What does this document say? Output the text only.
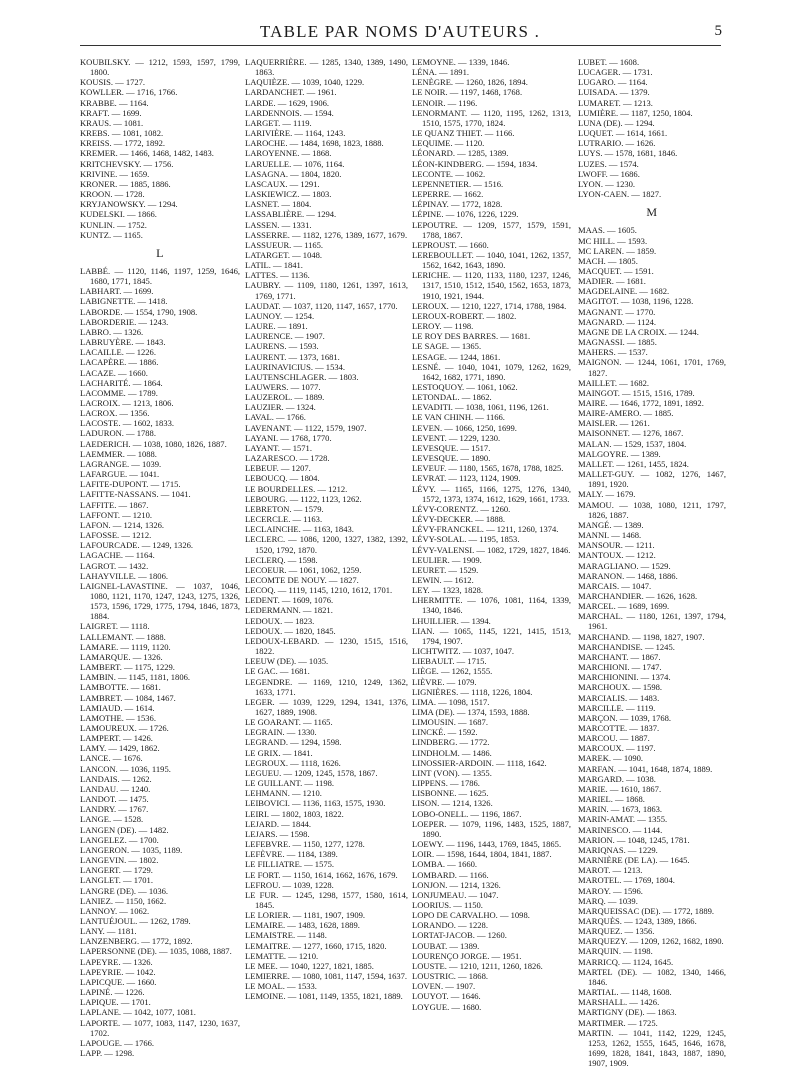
TABLE PAR NOMS D'AUTEURS .	5

KOUBILSKY. — 1212, 1593, 1597, 1799, 1800.

KOUSIS. — 1727.

KOWLLER. — 1716, 1766.

KRABBE. — 1164.

KRAFT. — 1699.

KRAUS. — 1081.

KREBS. — 1081, 1082.

KREISS. — 1772, 1892.

KREMER. — 1466, 1468, 1482, 1483.

KRITCHEVSKY. — 1756.

KRIVINE. — 1659.

KRONER. — 1885, 1886.

KROON. — 1728.

KRYJANOWSKY. — 1294.

KUDELSKI. — 1866.

KUNLIN. — 1752.

KUNTZ. — 1165.

L

LABBÉ. — 1120, 1146, 1197, 1259, 1646, 1680, 1771, 1845.

LABHART. — 1699.

LABIGNETTE. — 1418.

LABORDE. — 1554, 1790, 1908.

LABORDERIE. — 1243.

LABRO. — 1326.

LABRUYÈRE. — 1843.

LACAILLE. — 1226.

LACAPÈRE. — 1886.

LACAZE. — 1660.

LACHARITÉ. — 1864.

LACOMME. — 1789.

LACROIX. — 1213, 1806.

LACROX. — 1356.

LACOSTE. — 1602, 1833.

LADURON. — 1788.

LAEDERICH. — 1038, 1080, 1826, 1887.

LAEMMER. — 1088.

LAGRANGE. — 1039.

LAFARGUE. — 1041.

LAFITE-DUPONT. — 1715.

LAFITTE-NASSANS. — 1041.

LAFFITE. — 1867.

LAFFONT. — 1210.

LAFON. — 1214, 1326.

LAFOSSE. — 1212.

LAFOURCADE. — 1249, 1326.

LAGACHE. — 1164.

LAGROT. — 1432.

LAHAYVILLE. — 1806.

LAIGNEL-LAVASTINE. — 1037, 1046, 1080, 1121, 1170, 1247, 1243, 1275, 1326, 1573, 1596, 1729, 1775, 1794, 1846, 1873, 1884.

LAIGRET. — 1118.

LALLEMANT. — 1888.

LAMARE. — 1119, 1120.

LAMARQUE. — 1326.

LAMBERT. — 1175, 1229.

LAMBIN. — 1145, 1181, 1806.

LAMBOTTE. — 1681.

LAMBRET. — 1084, 1467.

LAMIAUD. — 1614.

LAMOTHE. — 1536.

LAMOUREUX. — 1726.

LAMPERT. — 1426.

LAMY. — 1429, 1862.

LANCE. — 1676.

LANCON. — 1036, 1195.

LANDAIS. — 1262.

LANDAU. — 1240.

LANDOT. — 1475.

LANDRY. — 1767.

LANGE. — 1528.

LANGEN (DE). — 1482.

LANGELEZ. — 1700.

LANGERON. — 1035, 1189.

LANGEVIN. — 1802.

LANGERT. — 1729.

LANGLET. — 1701.

LANGRE (DE). — 1036.

LANIEZ. — 1150, 1662.

LANNOY. — 1062.

LANTUÉJOUL. — 1262, 1789.

LANY. — 1181.

LANZENBERG. — 1772, 1892.

LAPERSONNE (DE). — 1035, 1088, 1887.

LAPEYRE. — 1326.

LAPEYRIE. — 1042.

LAPICQUE. — 1660.

LAPINÉ. — 1226.

LAPIQUE. — 1701.

LAPLANE. — 1042, 1077, 1081.

LAPORTE. — 1077, 1083, 1147, 1230, 1637, 1702.

LAPOUGE. — 1766.

LAPP. — 1298.

LAQUERRIÈRE. — 1285, 1340, 1389, 1490, 1863.

LAQUIÈZE. — 1039, 1040, 1229.

LARDANCHET. — 1961.

LARDE. — 1629, 1906.

LARDENNOIS. — 1594.

LARGET. — 1119.

LARIVIÈRE. — 1164, 1243.

LAROCHE. — 1484, 1698, 1823, 1888.

LAROYENNE. — 1868.

LARUELLE. — 1076, 1164.

LASAGNA. — 1804, 1820.

LASCAUX. — 1291.

LASKIEWICZ. — 1803.

LASNET. — 1804.

LASSABLIÈRE. — 1294.

LASSEN. — 1331.

LASSERRE. — 1182, 1276, 1389, 1677, 1679.

LASSUEUR. — 1165.

LATARGET. — 1048.

LATIL. — 1841.

LATTES. — 1136.

LAUBRY. — 1109, 1180, 1261, 1397, 1613, 1769, 1771.

LAUDAT. — 1037, 1120, 1147, 1657, 1770.

LAUNOY. — 1254.

LAURE. — 1891.

LAURENCE. — 1907.

LAURENS. — 1593.

LAURENT. — 1373, 1681.

LAURINAVICIUS. — 1534.

LAUTENSCHLAGER. — 1803.

LAUWERS. — 1077.

LAUZEROL. — 1889.

LAUZIER. — 1324.

LAVAL. — 1766.

LAVENANT. — 1122, 1579, 1907.

LAYANI. — 1768, 1770.

LAYANT. — 1571.

LAZARESCO. — 1728.

LEBEUF. — 1207.

LEBOUCQ. — 1804.

LE BOURDELLES. — 1212.

LEBOURG. — 1122, 1123, 1262.

LEBRETON. — 1579.

LECERCLE. — 1163.

LECLAINCHE. — 1163, 1843.

LECLERC. — 1086, 1200, 1327, 1382, 1392, 1520, 1792, 1870.

LECLERQ. — 1598.

LECOEUR. — 1061, 1062, 1259.

LECOMTE DE NOUY. — 1827.

LECOQ. — 1119, 1145, 1210, 1612, 1701.

LEDENT. — 1609, 1076.

LEDERMANN. — 1821.

LEDOUX. — 1823.

LEDOUX. — 1820, 1845.

LEDOUX-LEBARD. — 1230, 1515, 1516, 1822.

LEEUW (DE). — 1035.

LE GAC. — 1681.

LEGENDRE. — 1169, 1210, 1249, 1362, 1633, 1771.

LEGER. — 1039, 1229, 1294, 1341, 1376, 1627, 1889, 1908.

LE GOARANT. — 1165.

LEGRAIN. — 1330.

LEGRAND. — 1294, 1598.

LE GRIX. — 1841.

LEGROUX. — 1118, 1626.

LEGUEU. — 1209, 1245, 1578, 1867.

LE GUILLANT. — 1198.

LEHMANN. — 1210.

LEIBOVICI. — 1136, 1163, 1575, 1930.

LEIRI. — 1802, 1803, 1822.

LEJARD. — 1844.

LEJARS. — 1598.

LEFEBVRE. — 1150, 1277, 1278.

LEFÈVRE. — 1184, 1389.

LE FILLIATRE. — 1575.

LE FORT. — 1150, 1614, 1662, 1676, 1679.

LEFROU. — 1039, 1228.

LE FUR. — 1245, 1298, 1577, 1580, 1614, 1845.

LE LORIER. — 1181, 1907, 1909.

LEMAIRE. — 1483, 1628, 1889.

LEMAISTRE. — 1148.

LEMAITRE. — 1277, 1660, 1715, 1820.

LEMATTE. — 1210.

LE MEE. — 1040, 1227, 1821, 1885.

LEMIERRE. — 1080, 1081, 1147, 1594, 1637.

LE MOAL. — 1533.

LEMOINE. — 1081, 1149, 1355, 1821, 1889.

LEMOYNE. — 1339, 1846.

LÉNA. — 1891.

LENÈGRE. — 1260, 1826, 1894.

LE NOIR. — 1197, 1468, 1768.

LENOIR. — 1196.

LENORMANT. — 1120, 1195, 1262, 1313, 1510, 1575, 1770, 1824.

LE QUANZ THIET. — 1166.

LEQUIME. — 1120.

LÉONARD. — 1285, 1389.

LÉON-KINDBERG. — 1594, 1834.

LECONTE. — 1062.

LEPENNETIER. — 1516.

LEPERRE. — 1662.

LÉPINAY. — 1772, 1828.

LÉPINE. — 1076, 1226, 1229.

LEPOUTRE. — 1209, 1577, 1579, 1591, 1788, 1867.

LEPROUST. — 1660.

LEREBOULLET. — 1040, 1041, 1262, 1357, 1562, 1642, 1643, 1890.

LERICHE. — 1120, 1133, 1180, 1237, 1246, 1317, 1510, 1512, 1540, 1562, 1653, 1873, 1910, 1921, 1944.

LEROUX. — 1210, 1227, 1714, 1788, 1984.

LEROUX-ROBERT. — 1802.

LEROY. — 1198.

LE ROY DES BARRES. — 1681.

LE SAGE. — 1365.

LESAGE. — 1244, 1861.

LESNÉ. — 1040, 1041, 1079, 1262, 1629, 1642, 1682, 1771, 1890.

LESTOQUOY. — 1061, 1062.

LETONDAL. — 1862.

LEVADITI. — 1038, 1061, 1196, 1261.

LE VAN CHINH. — 1166.

LEVEN. — 1066, 1250, 1699.

LEVENT. — 1229, 1230.

LEVESQUE. — 1517.

LEVESQUE. — 1890.

LEVEUF. — 1180, 1565, 1678, 1788, 1825.

LEVRAT. — 1123, 1124, 1909.

LÉVY. — 1165, 1166, 1275, 1276, 1340, 1572, 1373, 1374, 1612, 1629, 1661, 1733.

LÉVY-CORENTZ. — 1260.

LÉVY-DECKER. — 1888.

LÉVY-FRANCKEL. — 1211, 1260, 1374.

LÉVY-SOLAL. — 1195, 1853.

LÉVY-VALENSI. — 1082, 1729, 1827, 1846.

LEULIER. — 1909.

LEURET. — 1529.

LEWIN. — 1612.

LEY. — 1323, 1828.

LHERMITTE. — 1076, 1081, 1164, 1339, 1340, 1846.

LHUILLIER. — 1394.

LIAN. — 1065, 1145, 1221, 1415, 1513, 1794, 1907.

LICHTWITZ. — 1037, 1047.

LIEBAULT. — 1715.

LIÈGE. — 1262, 1555.

LIÈVRE. — 1079.

LIGNIÈRES. — 1118, 1226, 1804.

LIMA. — 1098, 1517.

LIMA (DE). — 1374, 1593, 1888.

LIMOUSIN. — 1687.

LINCKÉ. — 1592.

LINDBERG. — 1772.

LINDHOLM. — 1486.

LINOSSIER-ARDOIN. — 1118, 1642.

LINT (VON). — 1355.

LIPPENS. — 1786.

LISBONNE. — 1625.

LISON. — 1214, 1326.

LOBO-ONELL. — 1196, 1867.

LOEPER. — 1079, 1196, 1483, 1525, 1887, 1890.

LOEWY. — 1196, 1443, 1769, 1845, 1865.

LOIR. — 1598, 1644, 1804, 1841, 1887.

LOMBA. — 1660.

LOMBARD. — 1166.

LONJON. — 1214, 1326.

LONJUMEAU. — 1047.

LOORIUS. — 1150.

LOPO DE CARVALHO. — 1098.

LORANDO. — 1228.

LORTAT-JACOB. — 1260.

LOUBAT. — 1389.

LOURENÇO JORGE. — 1951.

LOUSTE. — 1210, 1211, 1260, 1826.

LOUSTRIC. — 1868.

LOVEN. — 1907.

LOUYOT. — 1646.

LOYGUE. — 1680.

LUBET. — 1608.

LUCAGER. — 1731.

LUGARO. — 1164.

LUISADA. — 1379.

LUMARET. — 1213.

LUMIÈRE. — 1187, 1250, 1804.

LUNA (DE). — 1294.

LUQUET. — 1614, 1661.

LUTRARIO. — 1626.

LUYS. — 1578, 1681, 1846.

LUZES. — 1574.

LWOFF. — 1686.

LYON. — 1230.

LYON-CAEN. — 1827.

M

MAAS. — 1605.

MC HILL. — 1593.

MC LAREN. — 1859.

MACH. — 1805.

MACQUET. — 1591.

MADIER. — 1681.

MAGDELAINE. — 1682.

MAGITOT. — 1038, 1196, 1228.

MAGNANT. — 1770.

MAGNARD. — 1124.

MAGNE DE LA CROIX. — 1244.

MAGNASSI. — 1885.

MAHERS. — 1537.

MAIGNON. — 1244, 1061, 1701, 1769, 1827.

MAILLET. — 1682.

MAINGOT. — 1515, 1516, 1789.

MAIRE. — 1646, 1772, 1891, 1892.

MAIRE-AMERO. — 1885.

MAISLER. — 1261.

MAISONNET. — 1276, 1867.

MALAN. — 1529, 1537, 1804.

MALGOYRE. — 1389.

MALLET. — 1261, 1455, 1824.

MALLET-GUY. — 1082, 1276, 1467, 1891, 1920.

MALY. — 1679.

MAMOU. — 1038, 1080, 1211, 1797, 1826, 1887.

MANGÉ. — 1389.

MANNI. — 1468.

MANSOUR. — 1211.

MANTOUX. — 1212.

MARAGLIANO. — 1529.

MARANON. — 1468, 1886.

MARCAIS. — 1047.

MARCHANDIER. — 1626, 1628.

MARCEL. — 1689, 1699.

MARCHAL. — 1180, 1261, 1397, 1794, 1961.

MARCHAND. — 1198, 1827, 1907.

MARCHANDISE. — 1245.

MARCHANT. — 1867.

MARCHIONI. — 1747.

MARCHIONINI. — 1374.

MARCHOUX. — 1598.

MARCIALIS. — 1483.

MARCILLE. — 1119.

MARÇON. — 1039, 1768.

MARCOTTE. — 1837.

MARCOU. — 1887.

MARCOUX. — 1197.

MAREK. — 1090.

MARFAN. — 1041, 1648, 1874, 1889.

MARGARD. — 1038.

MARIE. — 1610, 1867.

MARIEL. — 1868.

MARIN. — 1673, 1863.

MARIN-AMAT. — 1355.

MARINESCO. — 1144.

MARION. — 1048, 1245, 1781.

MARIQNAS. — 1229.

MARNIÈRE (DE LA). — 1645.

MAROT. — 1213.

MAROTEL. — 1769, 1804.

MAROY. — 1596.

MARQ. — 1039.

MARQUEISSAC (DE). — 1772, 1889.

MARQUÈS. — 1243, 1389, 1866.

MARQUEZ. — 1356.

MARQUEZY. — 1209, 1262, 1682, 1890.

MARQUIN. — 1198.

MARRICQ. — 1124, 1645.

MARTEL (DE). — 1082, 1340, 1466, 1846.

MARTIAL. — 1148, 1608.

MARSHALL. — 1426.

MARTIGNY (DE). — 1863.

MARTIMER. — 1725.

MARTIN. — 1041, 1142, 1229, 1245, 1253, 1262, 1555, 1645, 1646, 1678, 1699, 1828, 1841, 1843, 1887, 1890, 1907, 1909.
